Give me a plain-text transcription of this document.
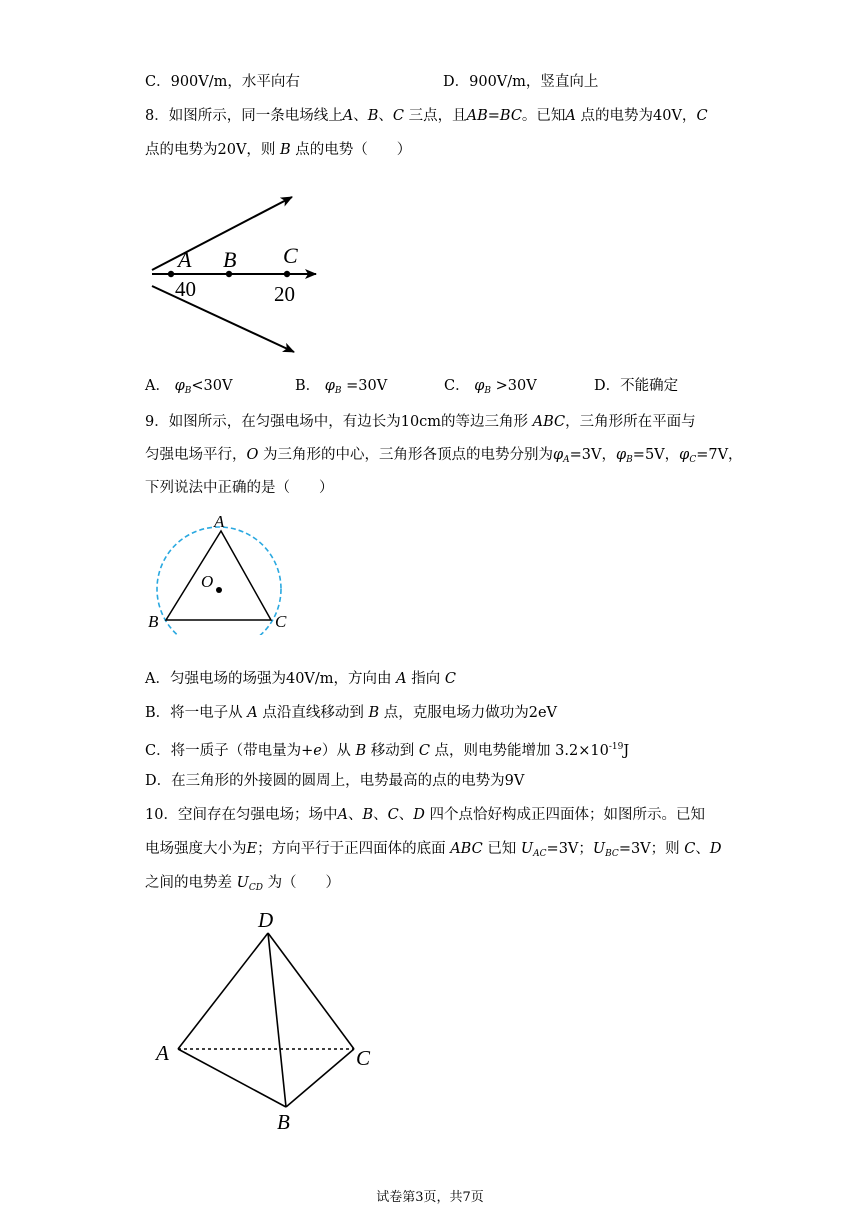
C．900V/m，水平向右	D．900V/m，竖直向上
8．如图所示，同一条电场线上A、B、C 三点，且AB=BC。已知A 点的电势为40V，C
点的电势为20V，则 B 点的电势（　　）
A B C
40	20
A． $\varphi_B<30V$	B． $\varphi_B =30V$	C． $\varphi_B >30V$	D．不能确定
9．如图所示，在匀强电场中，有边长为10cm的等边三角形 ABC，三角形所在平面与
匀强电场平行，O 为三角形的中心，三角形各顶点的电势分别为$\varphi_A=3V$，$\varphi_B=5V$，$\varphi_C=7V$，
下列说法中正确的是（　　）
A
B	C
O
A．匀强电场的场强为40V/m，方向由 A 指向 C
B．将一电子从 A 点沿直线移动到 B 点，克服电场力做功为2eV
C．将一质子（带电量为+e）从 B 移动到 C 点，则电势能增加 $3.2\times 10^{-19}J$
D．在三角形的外接圆的圆周上，电势最高的点的电势为9V
10．空间存在匀强电场；场中A、B、C、D 四个点恰好构成正四面体；如图所示。已知
电场强度大小为E；方向平行于正四面体的底面 ABC 已知 $U_{AC}=3V$；$U_{BC}=3V$；则 C、D
之间的电势差 $U_{CD}$ 为（　　）
D
A	C
B
试卷第3页，共7页
